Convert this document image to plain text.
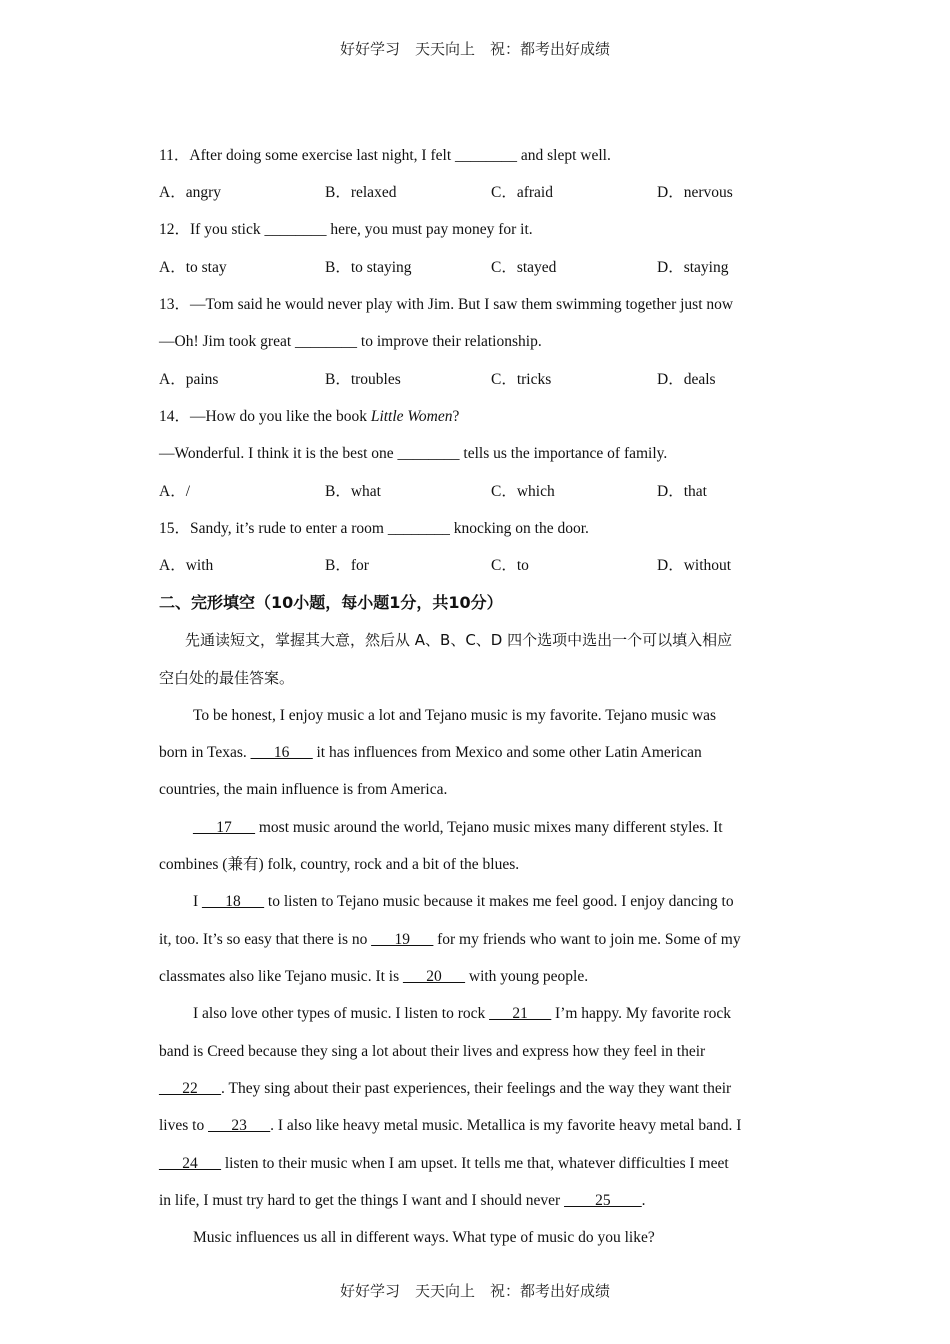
好好学习　天天向上　祝：都考出好成绩
11．After doing some exercise last night, I felt ________ and slept well.
A．angry	B．relaxed	C．afraid	D．nervous
12．If you stick ________ here, you must pay money for it.
A．to stay	B．to staying	C．stayed	D．staying
13．—Tom said he would never play with Jim. But I saw them swimming together just now
—Oh! Jim took great ________ to improve their relationship.
A．pains	B．troubles	C．tricks	D．deals
14．—How do you like the book Little Women?
—Wonderful. I think it is the best one ________ tells us the importance of family.
A．/	B．what	C．which	D．that
15．Sandy, it’s rude to enter a room ________ knocking on the door.
A．with	B．for	C．to	D．without
二、完形填空（10小题，每小题1分，共10分）
先通读短文，掌握其大意，然后从 A、B、C、D 四个选项中选出一个可以填入相应
空白处的最佳答案。
To be honest, I enjoy music a lot and Tejano music is my favorite. Tejano music was
born in Texas. ___16___ it has influences from Mexico and some other Latin American
countries, the main influence is from America.
___17___ most music around the world, Tejano music mixes many different styles. It
combines (兼有) folk, country, rock and a bit of the blues.
I ___18___ to listen to Tejano music because it makes me feel good. I enjoy dancing to
it, too. It’s so easy that there is no ___19___ for my friends who want to join me. Some of my
classmates also like Tejano music. It is ___20___ with young people.
I also love other types of music. I listen to rock ___21___ I’m happy. My favorite rock
band is Creed because they sing a lot about their lives and express how they feel in their
___22___. They sing about their past experiences, their feelings and the way they want their
lives to ___23___. I also like heavy metal music. Metallica is my favorite heavy metal band. I
___24___ listen to their music when I am upset. It tells me that, whatever difficulties I meet
in life, I must try hard to get the things I want and I should never ____25____.
Music influences us all in different ways. What type of music do you like?
好好学习　天天向上　祝：都考出好成绩
